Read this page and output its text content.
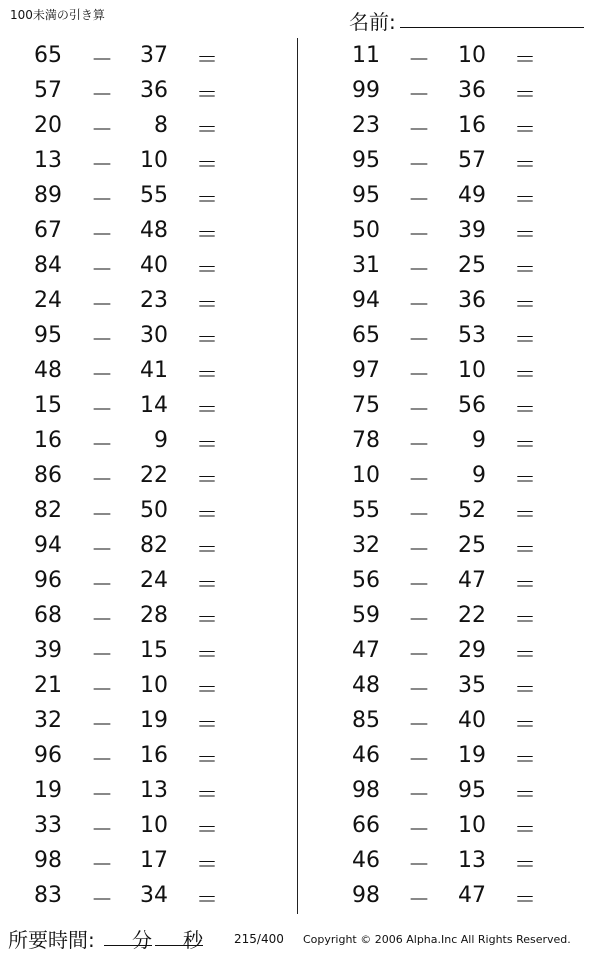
100未満の引き算	名前:
65 －	37 ＝
57 －	36 ＝
20 －	8 ＝
13 －	10 ＝
89 －	55 ＝
67 －	48 ＝
84 －	40 ＝
24 －	23 ＝
95 －	30 ＝
48 －	41 ＝
15 －	14 ＝
16 －	9 ＝
86 －	22 ＝
82 －	50 ＝
94 －	82 ＝
96 －	24 ＝
68 －	28 ＝
39 －	15 ＝
21 －	10 ＝
32 －	19 ＝
96 －	16 ＝
19 －	13 ＝
33 －	10 ＝
98 －	17 ＝
83 －	34 ＝
11 －	10 ＝
99 －	36 ＝
23 －	16 ＝
95 －	57 ＝
95 －	49 ＝
50 －	39 ＝
31 －	25 ＝
94 －	36 ＝
65 －	53 ＝
97 －	10 ＝
75 －	56 ＝
78 －	9 ＝
10 －	9 ＝
55 －	52 ＝
32 －	25 ＝
56 －	47 ＝
59 －	22 ＝
47 －	29 ＝
48 －	35 ＝
85 －	40 ＝
46 －	19 ＝
98 －	95 ＝
66 －	10 ＝
46 －	13 ＝
98 －	47 ＝
所要時間: 分 秒	215/400 Copyright © 2006 Alpha.Inc All Rights Reserved.
